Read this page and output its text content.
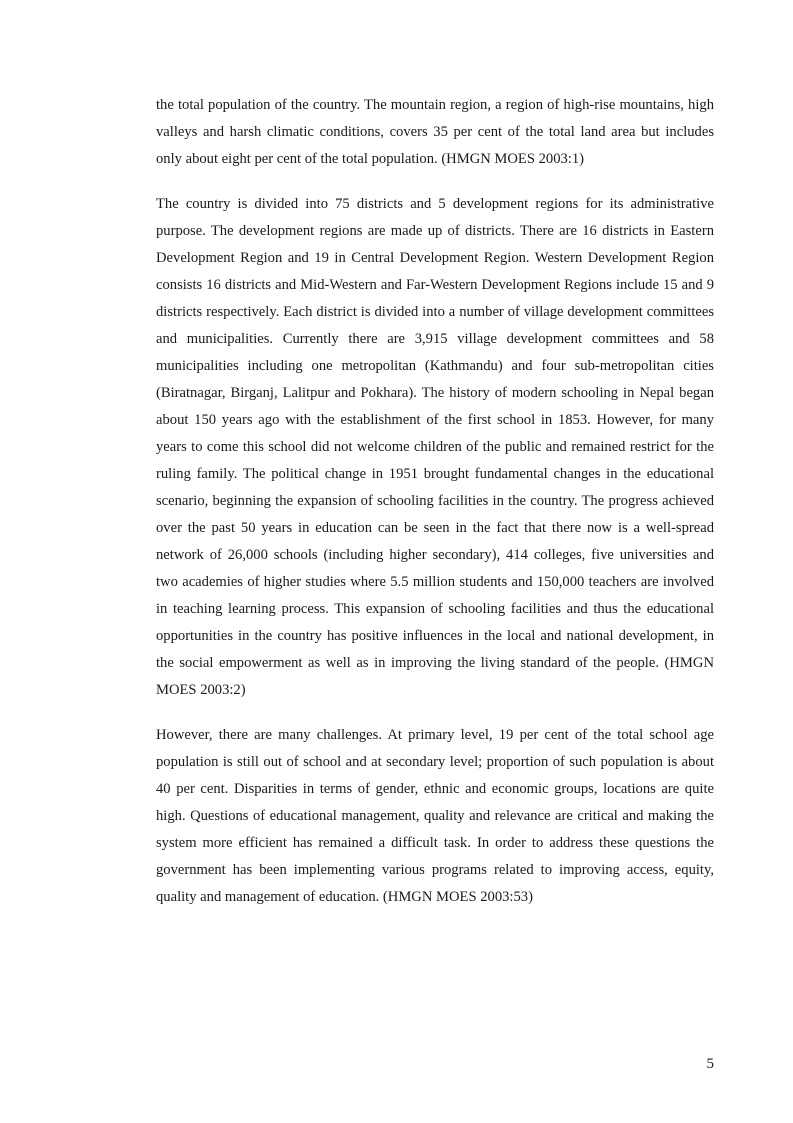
the total population of the country. The mountain region, a region of high-rise mountains, high valleys and harsh climatic conditions, covers 35 per cent of the total land area but includes only about eight per cent of the total population. (HMGN MOES 2003:1)

The country is divided into 75 districts and 5 development regions for its administrative purpose. The development regions are made up of districts. There are 16 districts in Eastern Development Region and 19 in Central Development Region. Western Development Region consists 16 districts and Mid-Western and Far-Western Development Regions include 15 and 9 districts respectively. Each district is divided into a number of village development committees and municipalities. Currently there are 3,915 village development committees and 58 municipalities including one metropolitan (Kathmandu) and four sub-metropolitan cities (Biratnagar, Birganj, Lalitpur and Pokhara). The history of modern schooling in Nepal began about 150 years ago with the establishment of the first school in 1853. However, for many years to come this school did not welcome children of the public and remained restrict for the ruling family. The political change in 1951 brought fundamental changes in the educational scenario, beginning the expansion of schooling facilities in the country. The progress achieved over the past 50 years in education can be seen in the fact that there now is a well-spread network of 26,000 schools (including higher secondary), 414 colleges, five universities and two academies of higher studies where 5.5 million students and 150,000 teachers are involved in teaching learning process. This expansion of schooling facilities and thus the educational opportunities in the country has positive influences in the local and national development, in the social empowerment as well as in improving the living standard of the people. (HMGN MOES 2003:2)

However, there are many challenges. At primary level, 19 per cent of the total school age population is still out of school and at secondary level; proportion of such population is about 40 per cent. Disparities in terms of gender, ethnic and economic groups, locations are quite high. Questions of educational management, quality and relevance are critical and making the system more efficient has remained a difficult task. In order to address these questions the government has been implementing various programs related to improving access, equity, quality and management of education. (HMGN MOES 2003:53)

5
